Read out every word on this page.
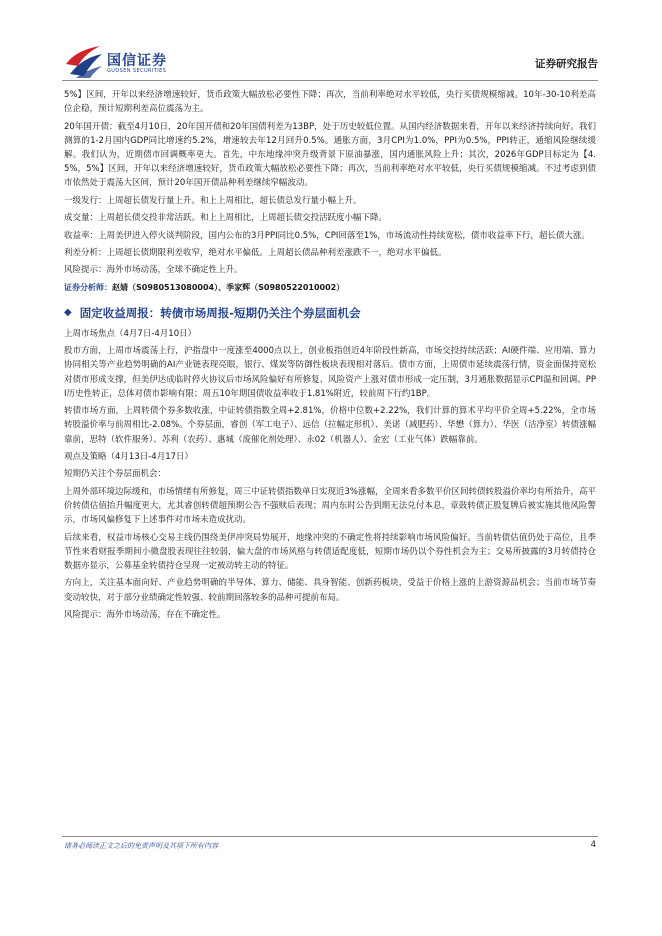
国信证券
GUOSEN SECURITIES
证券研究报告

5%】区间，开年以来经济增速较好，货币政策大幅放松必要性下降；再次，当前利率绝对水平较低，央行买债规模缩减。10年-30-10利差高位企稳，预计短期利差高位震荡为主。

20年国开债：截至4月10日，20年国开债和20年国债利差为13BP，处于历史较低位置。从国内经济数据来看，开年以来经济持续向好。我们测算的1-2月国内GDP同比增速约5.2%，增速较去年12月回升0.5%。通胀方面，3月CPI为1.0%，PPI为0.5%，PPI转正，通缩风险继续缓解。我们认为，近期债市回调概率更大。首先，中东地缘冲突升级背景下原油暴涨，国内通胀风险上升；其次，2026年GDP目标定为【4.5%，5%】区间，开年以来经济增速较好，货币政策大幅放松必要性下降；再次，当前利率绝对水平较低，央行买债规模缩减。不过考虑到债市依然处于震荡大区间，预计20年国开债品种利差继续窄幅波动。

一级发行：上周超长债发行量上升。和上上周相比，超长债总发行量小幅上升。

成交量：上周超长债交投非常活跃。和上上周相比，上周超长债交投活跃度小幅下降。

收益率：上周美伊进入停火谈判阶段，国内公布的3月PPI同比0.5%，CPI回落至1%，市场流动性持续宽松，债市收益率下行，超长债大涨。

利差分析：上周超长债期限利差收窄，绝对水平偏低。上周超长债品种利差涨跌不一，绝对水平偏低。

风险提示：海外市场动荡，全球不确定性上升。

证券分析师：赵婧（S0980513080004）、季家辉（S0980522010002）
◆ 固定收益周报：转债市场周报-短期仍关注个券层面机会

上周市场焦点（4月7日-4月10日）

股市方面，上周市场震荡上行，沪指盘中一度涨至4000点以上，创业板指创近4年阶段性新高，市场交投持续活跃；AI硬件端、应用端、算力协同相关等产业趋势明确的AI产业链表现亮眼，银行、煤炭等防御性板块表现相对落后。债市方面，上周债市延续震荡行情，资金面保持宽松对债市形成支撑，但美伊达成临时停火协议后市场风险偏好有所修复、风险资产上涨对债市形成一定压制，3月通胀数据显示CPI温和回调、PPI历史性转正，总体对债市影响有限；周五10年期国债收益率收于1.81%附近，较前周下行约1BP。

转债市场方面，上周转债个券多数收涨，中证转债指数全周+2.81%，价格中位数+2.22%，我们计算的算术平均平价全周+5.22%，全市场转股溢价率与前周相比-2.08%。个券层面，睿创（军工电子）、远信（拉幅定形机）、美诺（减肥药）、华懋（算力）、华医（洁净室）转债涨幅靠前，思特（软件服务）、苏利（农药）、惠城（废催化剂处理）、永02（机器人）、金宏（工业气体）跌幅靠前。

观点及策略（4月13日-4月17日）

短期仍关注个券层面机会：

上周外部环境边际缓和，市场情绪有所修复，周三中证转债指数单日实现近3%涨幅，全周来看多数平价区间转债转股溢价率均有所抬升，高平价转债估值抬升幅度更大，尤其睿创转债超预期公告不强赎后表现；周内东时公告到期无法兑付本息，章鼓转债正股复牌后被实施其他风险警示，市场风偏修复下上述事件对市场未造成扰动。

后续来看，权益市场核心交易主线仍围绕美伊冲突局势展开，地缘冲突的不确定性将持续影响市场风险偏好。当前转债估值仍处于高位，且季节性来看财报季期间小微盘股表现往往较弱，偏大盘的市场风格与转债适配度低，短期市场仍以个券性机会为主；交易所披露的3月转债持仓数据亦显示，公募基金转债持仓呈现一定被动转主动的特征。

方向上，关注基本面向好、产业趋势明确的半导体、算力、储能、具身智能、创新药板块，受益于价格上涨的上游资源品机会；当前市场节奏变动较快，对于部分业绩确定性较强、较前期回落较多的品种可提前布局。

风险提示：海外市场动荡，存在不确定性。

请务必阅读正文之后的免责声明及其项下所有内容	4
